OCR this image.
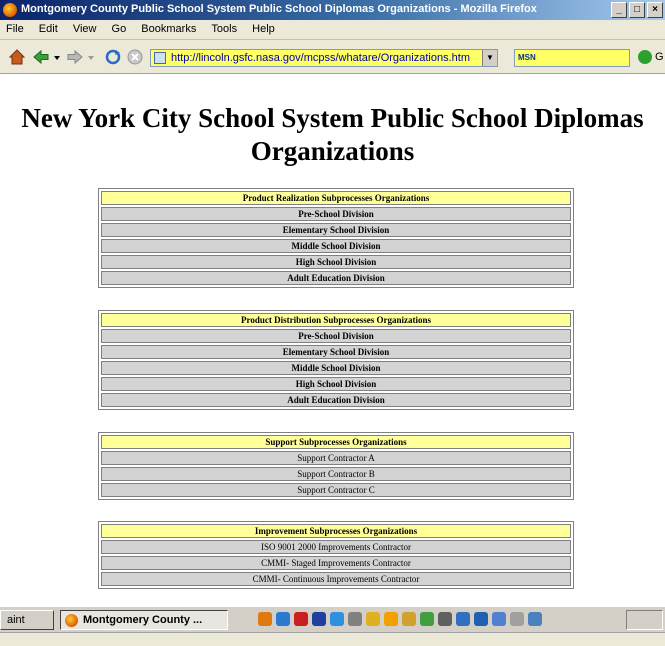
Montgomery County Public School System Public School Diplomas Organizations - Mozilla Firefox	_	□	×
File Edit View Go Bookmarks Tools Help
http://lincoln.gsfc.nasa.gov/mcpss/whatare/Organizations.htm	▼	MSN	G
New York City School System Public School Diplomas Organizations
Product Realization Subprocesses Organizations
Pre-School Division
Elementary School Division
Middle School Division
High School Division
Adult Education Division
Product Distribution Subprocesses Organizations
Pre-School Division
Elementary School Division
Middle School Division
High School Division
Adult Education Division
Support Subprocesses Organizations
Support Contractor A
Support Contractor B
Support Contractor C
Improvement Subprocesses Organizations
ISO 9001 2000 Improvements Contractor
CMMI- Staged Improvements Contractor
CMMI- Continuous Improvements Contractor
aint	Montgomery County ...
